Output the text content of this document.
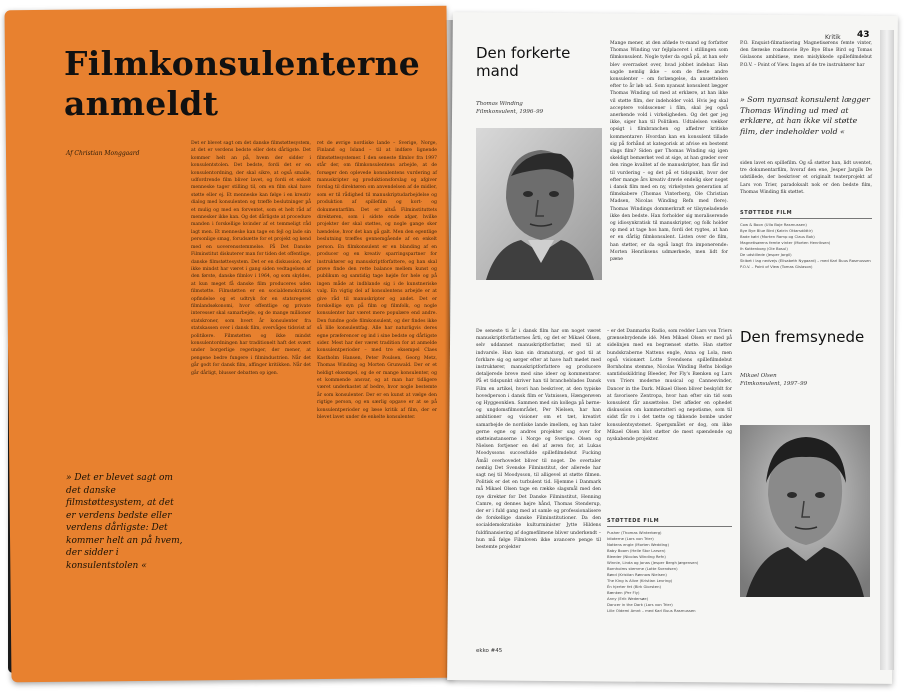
Filmkonsulenterne anmeldt
Af Christian Monggaard
Det er blevet sagt om det danske filmstøttesystem, at det er verdens bedste eller dets dårligste. Det kommer helt an på, hvem der sidder i konsulentstolen. Det bedste, fordi det er en konsulentordning, der skal sikre, at også smalle, udfordrende film bliver lavet, og fordi et enkelt menneske tager stilling til, om en film skal have støtte eller ej. Et menneske kan følge i en kreativ dialog med konsulenten og træffe beslutninger på et mulig og med en forventet, som et helt råd af mennesker ikke kan. Og det dårligste at procedure manden i forskellige kvinder af et temmeligt råd lagt men. Et menneske kan tage en fejl og lade sin personlige smag, forudsætte for et projekt og kend med en uoverensstemmelse. På Det Danske Filminstitut diskuterer man for tiden det offentlige, danske filmstøttesystem. Det er en diskussion, der ikke mindst har været i gang siden vedtagelsen af den første, danske filmlov i 1964, og som skyldes, at kun meget få danske film produceres uden filmstøtte. Filmstøtten er en socialdemokratisk opfindelse og et udtryk for en statsregeret filmlandsøkonomi, hvor offentlige og private interesser skal samarbejde, og de mange millioner statskroner, som hvert år konsulenter fra statskassen over i dansk film, overvåges tidsvist af politikere. Filmstøtten og ikke mindst konsulentordningen har traditionelt haft det svært under borgerlige regeringer, der mener, at pengene bedre fungere i filmindustrien. Når det går godt for dansk film, affinger kritikken. Når det går dårligt, blusser debatten op igen.
ret de øvrige nordiske lande – Sverige, Norge, Finland og Island – til at indføre lignende filmstøttesystemer. I den seneste filmlov fra 1997 står der, om filmkonsulentens arbejde, at de forsøger den oplevede konsulentens vurdering af manuskripter og produktionsforslag og afgiver forslag til direktøren om anvendelsen af de midler, som er til rådighed til manuskriptudarbejdelse og produktion af spillefilm og kort- og dokumentarfilm. Det er altså Filminstituttets direktøren, som i sidste ende afgør, hvilke projekter der skal støttes, og nogle gange sker hændelse, hvor det kan gå galt. Men den egentlige beslutning træffes gennemgående af en enkelt person. En filmkonsulent er en blanding af en producer og en kreativ sparringspartner for instruktører og manuskriptforfattere, og han skal prøve finde den rette balance mellem kunst og publikum og samtidig tage højde for hele og på ingen måde at indblande sig i de kunstneriske valg. En vigtig del af konsulentens arbejde er at give råd til manuskripter og andet. Det er forskellige syn på film og filmfolk, og nogle konsulenter har været mere populære end andre. Den fundne gode filmkonsulent, og der findes ikke så lille konsulentfag. Alle har naturligvis deres egne præferencer og ind i sine bedste og dårligste sider. Mest har der været tradition for at anmelde konsulentperioder – med tre eksempel Claes Kastholm Hansen, Peter Poulsen, Georg Metz, Thomas Winding og Morten Grunwald. Der er et heldigt eksempel, og de er mange konsulenter, og et kommende ansvar, og at man har tidligere været underkastet af bedre, hvor nogle bestemte år som konsulenter. Der er en kunst at vælge den rigtige person, og en særlig opgave er at se på konsulentperioder og læse kritik af film, der er blevet lavet under de enkelte konsulenter.
» Det er blevet sagt om det danske filmstøttesystem, at det er verdens bedste eller verdens dårligste: Det kommer helt an på hvem, der sidder i konsulentstolen «
Kritik 43
Den forkerte mand
Thomas Winding
Filmkonsulent, 1996–99
Mange mener, at den afdøde tv-mand og forfatter Thomas Winding var fejlplaceret i stillingen som filmkonsulent. Nogle tyder da også på, at han selv blev overrasket over, hvad jobbet indebar. Han sagde nemlig ikke – som de fleste andre konsulenter – om forlængelse, da ansættelsen efter to år løb ud. Som nyansat konsulent lægger Thomas Winding ud med at erklære, at han ikke vil støtte film, der indeholder vold. Hvis jeg skal acceptere voldsscener i film, skal jeg også anerkende vold i virkeligheden. Og det gør jeg ikke, siger han til Politiken. Udtalelsen vækker opsigt i filmbranchen og affødrer kritiske kommentarer: Hvordan kan en konsulent tillade sig på forhånd at kategorisk at afvise en bestemt slags film? Siden gør Thomas Winding sig igen skeldigt bemærket ved at sige, at han grøder over den ringe kvalitet af de manuskripter, han får ind til vurdering – og det på et tidspunkt, hvor der efter mange års kreativ drøvle endelig sker noget i dansk film med en ny, virkelysten generation af filmskabere (Thomas Vinterberg, Ole Christian Madsen, Nicolas Winding Refn med flere). Thomas Windings dommerkraft er tilsyneladende ikke den bedste. Han forholder sig moraliserende og idiosynkratisk til manuskripter, og folk holder op med at tage hos ham, fordi det rygtes, at han er en dårlig filmkonsulent. Listen over de film, han støtter, er da også langt fra imponerende: Morten Henriksens udmærkede, men lidt for pæne
P.O. Enquist-filmatisering Magnetisørens femte vinter, den færøske roadmovie Bye Bye Blue Bird og Tomas Gislasons ambitiøse, men mislykkede spillefilmdebut P.O.V. – Point of View. Ingen af de tre instruktører har
» Som nyansat konsulent lægger Thomas Winding ud med at erklære, at han ikke vil støtte film, der indeholder vold «
siden lavet en spillefilm. Og så støtter han, lidt uventet, tre dokumentarfilm, hvoraf den ene, Jesper Jargils De udstillede, der beskriver et originalt teaterprojekt af Lars von Trier, paradoksalt nok er den bedste film, Thomas Winding fik støttet.
STØTTEDE FILM
Cow & Boon (Ulla Boje Rasmussen)
Bye Bye Blue Bird (Katrin Ottarsdóttir)
Bade kølri (Morten Ramp og Claus Bok)
Magnetisørens femte vinter (Morten Henriksen)
Ih Kottenborg (Ole Bosul)
De udstillede (Jesper Jargil)
Skibet i lag nedvejs (Elisabeth Nygaard) – med Karl Buus Rasmussen
P.O.V. – Point of View (Tomas Gislason)
De seneste ti år i dansk film har om noget været manuskriptforfatternes årti, og det er Mikael Olsen, selv uddannet manuskriptforfatter, med til at indvarsle. Han kan sin dramaturgi, er god til at forklare sig og sørger efter at have haft mødet med instruktører, manuskriptforfattere og producere detaljerede breve med sine ideer og kommentarer. På et tidspunkt skriver han til brancheblades Dansk Film en artikel, hvori han beskriver, at den typiske hovedperson i dansk film er Vatnissen, Hængerøven og Hyggeonklen. Sammen med sin kollega på børne- og ungdomsfilmområdet, Per Nielsen, har han ambitioner og visioner om et tæt, kreativt samarbejde de nordiske lande imellem, og han taler gerne egne og andres projekter sag over for støtteinstanserne i Norge og Sverige. Olsen og Nielsen fortjener en del af æren for, at Lukas Moodyssons succesfulde spillefilmdebut Fucking Åmål overhovedet bliver til noget. De overtaler nemlig Det Svenske Filminstitut, der allerede har sagt nej til Moodysson, til alligevel at støtte filmen. Politisk er det en turbulent tid. Hjemme i Danmark må Mikael Olsen tage en række slagsmål med den nye direktør for Det Danske Filminstitut, Henning Camre, og dennes højre hånd, Thomas Stenderup, der er i fuld gang med at samle og professionalisere de forskellige danske Filminstitutioner. Da den socialdemokratiske kulturminister Jytte Hildens fuldfinansiering af dogmefilmene bliver underkendt – hun må følge Filmloven ikke avancere penge til bestemte projekter
– er det Danmarks Radio, som redder Lars von Triers grænsebrydende idé. Men Mikael Olsen er med på sidelinjen med en begrænset støtte. Han støtter bundskraberne Nattens engle, Anna og Lola, men også visionært Lotte Svendsens spillefilmdebut Bornholms stemme, Nicolas Winding Refns blodige samtidsskildring Bleeder, Per Fly's Bænken og Lars von Triers moderne musical og Cannesvinder, Dancer in the Dark. Mikael Olsen bliver beskyldt for at favorisere Zentropa, hvor han efter sin tid som konsulent får ansættelse. Det afføder en ophedet diskussion om kammeratteri og nepotisme, som til sidst får ro i det tætte og tikkende bombe under konsulentsystemet. Spørgsmålet er dog, om ikke Mikael Olsen blot støtter de mest spændende og nyskabende projekter.
STØTTEDE FILM
Pusher (Thomas Winterberg)
Idioterne (Lars von Trier)
Nattens engle (Morten Wedding)
Baby Boom (Helle Stor Larsen)
Bleeder (Nicolas Winding Refn)
Winnie, Linda og Jonas (Jesper Bergh Jørgensen)
Bornholms stemme (Lotte Svendsen)
Bønd (Kristian Rønnow Nielsen)
The King is Alive (Kristian Levring)
Én hjerter fet (Birk Giorsten)
Bænken (Per Fly)
Anny (Erik Wedersøe)
Dancer in the Dark (Lars von Trier)
Lille Oldemi Amnt – med Karl Buus Rasmussen
Den fremsynede
Mikael Olsen
Filmkonsulent, 1997–99
ekko #45
